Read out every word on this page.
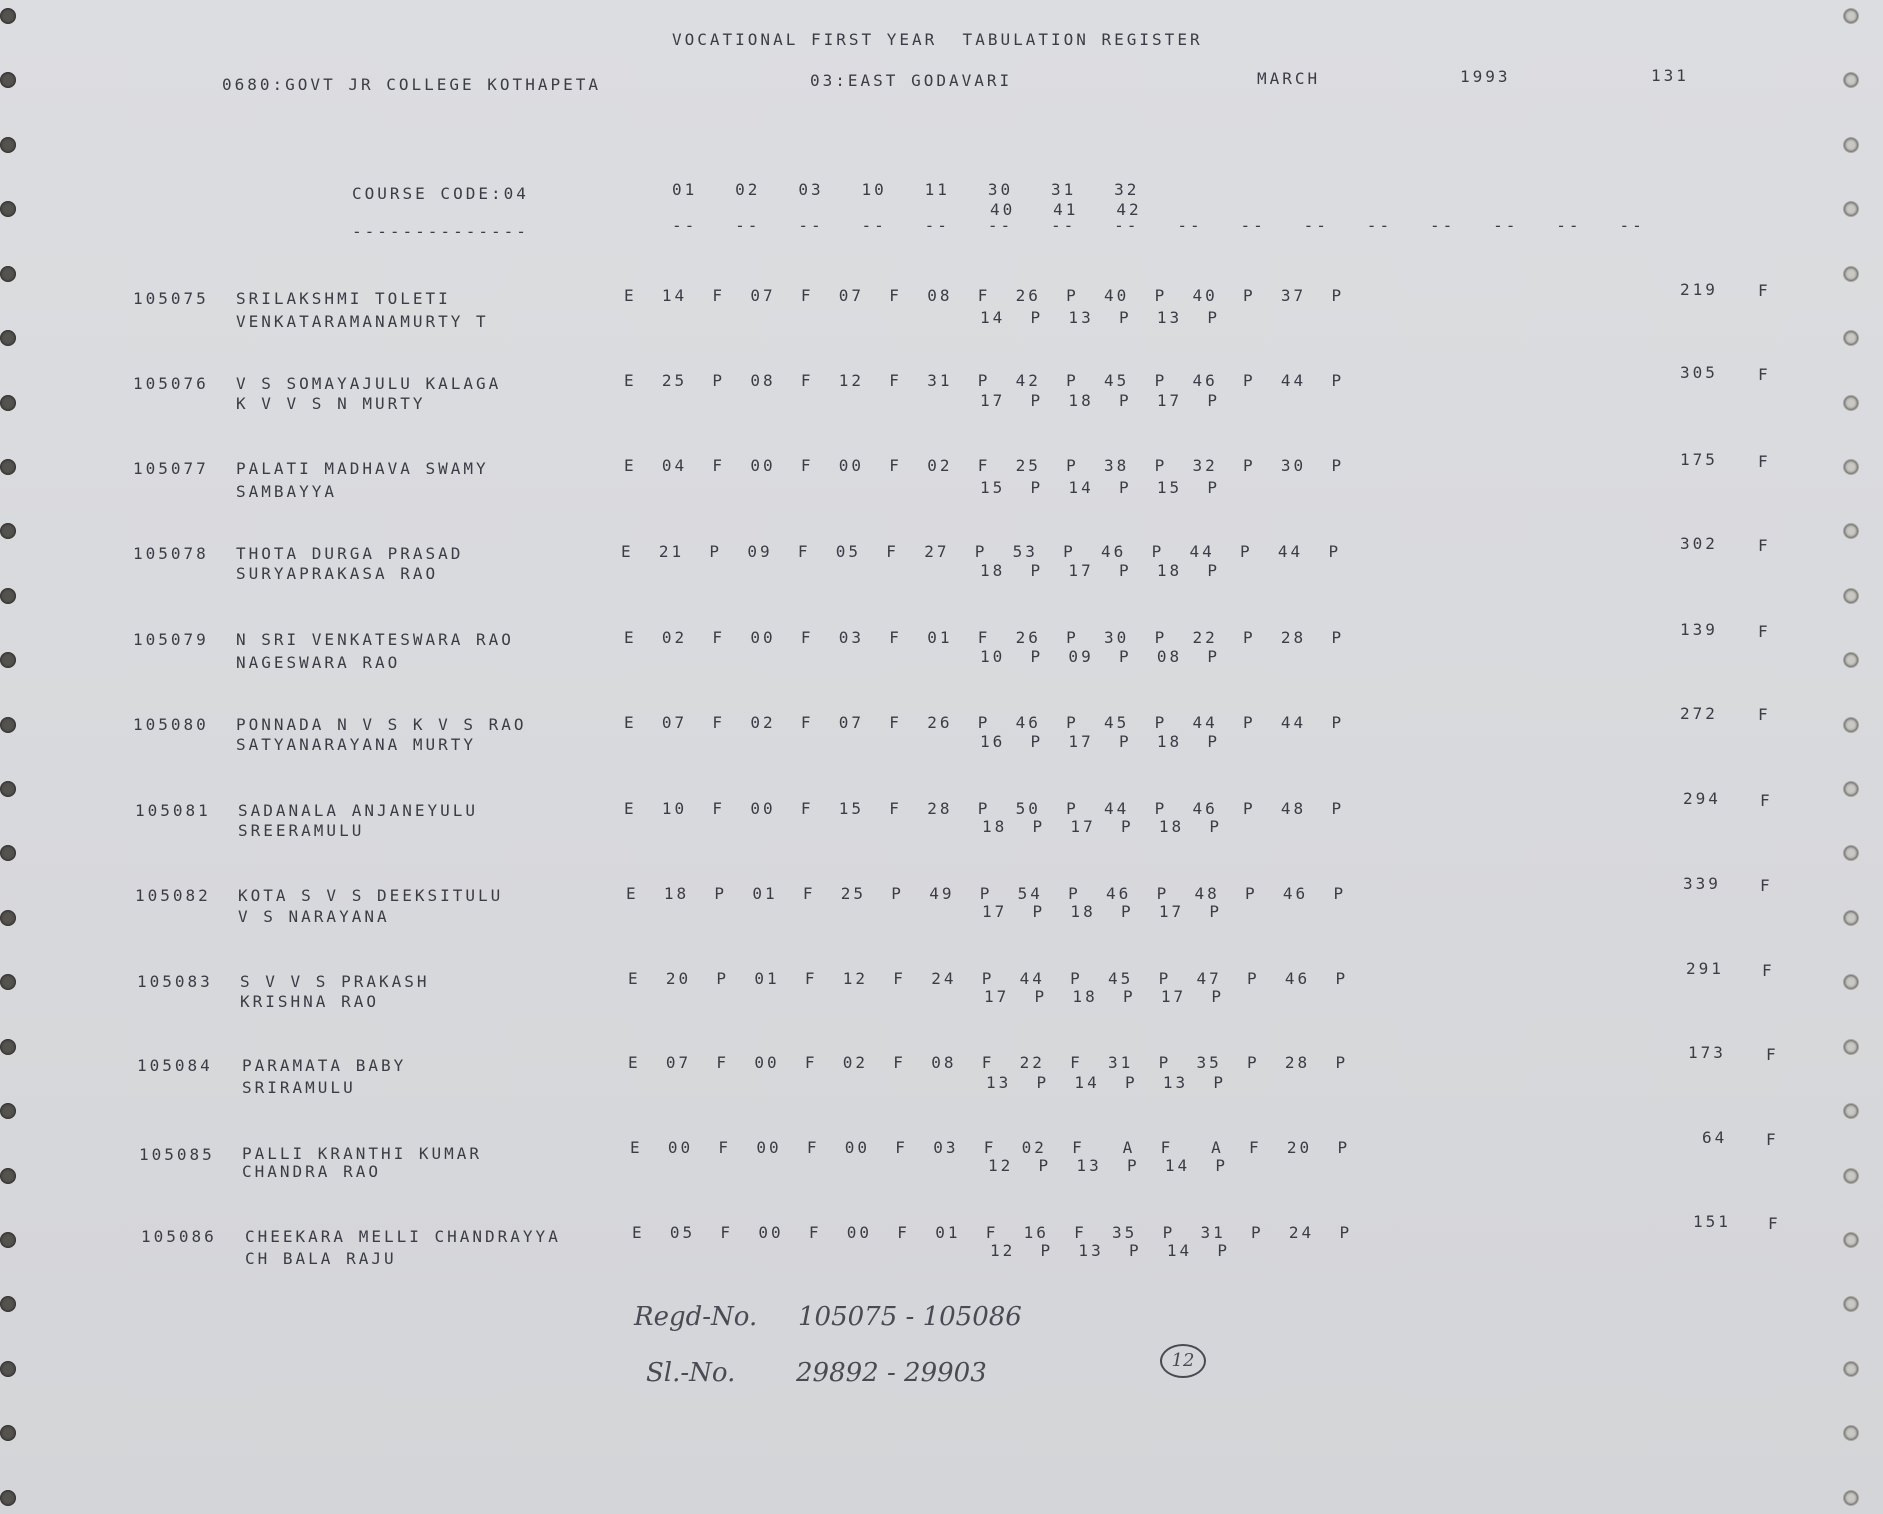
VOCATIONAL FIRST YEAR  TABULATION REGISTER
0680:GOVT JR COLLEGE KOTHAPETA	03:EAST GODAVARI	MARCH	1993	131
COURSE CODE:04
--------------
01   02   03   10   11   30   31   32
40   41   42
--   --   --   --   --   --   --   --   --   --   --   --   --   --   --   --
105075 SRILAKSHMI TOLETI
VENKATARAMANAMURTY T
E  14  F  07  F  07  F  08  F  26  P  40  P  40  P  37  P
14  P  13  P  13  P
219	F
105076 V S SOMAYAJULU KALAGA
K V V S N MURTY
E  25  P  08  F  12  F  31  P  42  P  45  P  46  P  44  P
17  P  18  P  17  P
305	F
105077 PALATI MADHAVA SWAMY
SAMBAYYA
E  04  F  00  F  00  F  02  F  25  P  38  P  32  P  30  P
15  P  14  P  15  P
175	F
105078 THOTA DURGA PRASAD
SURYAPRAKASA RAO
E  21  P  09  F  05  F  27  P  53  P  46  P  44  P  44  P
18  P  17  P  18  P
302	F
105079 N SRI VENKATESWARA RAO
NAGESWARA RAO
E  02  F  00  F  03  F  01  F  26  P  30  P  22  P  28  P
10  P  09  P  08  P
139	F
105080 PONNADA N V S K V S RAO
SATYANARAYANA MURTY
E  07  F  02  F  07  F  26  P  46  P  45  P  44  P  44  P
16  P  17  P  18  P
272	F
105081 SADANALA ANJANEYULU
SREERAMULU
E  10  F  00  F  15  F  28  P  50  P  44  P  46  P  48  P
18  P  17  P  18  P
294 F
105082 KOTA S V S DEEKSITULU
V S NARAYANA
E  18  P  01  F  25  P  49  P  54  P  46  P  48  P  46  P
17  P  18  P  17  P
339 F
105083 S V V S PRAKASH
KRISHNA RAO
E  20  P  01  F  12  F  24  P  44  P  45  P  47  P  46  P
17  P  18  P  17  P
291 F
105084 PARAMATA BABY
SRIRAMULU
E  07  F  00  F  02  F  08  F  22  F  31  P  35  P  28  P
13  P  14  P  13  P
173	F
105085 PALLI KRANTHI KUMAR
CHANDRA RAO
E  00  F  00  F  00  F  03  F  02  F   A  F   A  F  20  P
12  P  13  P  14  P
64 F
105086 CHEEKARA MELLI CHANDRAYYA
CH BALA RAJU
E  05  F  00  F  00  F  01  F  16  F  35  P  31  P  24  P
12  P  13  P  14  P
151 F
Regd-No. 105075 - 105086
Sl.-No. 29892 - 29903	12
